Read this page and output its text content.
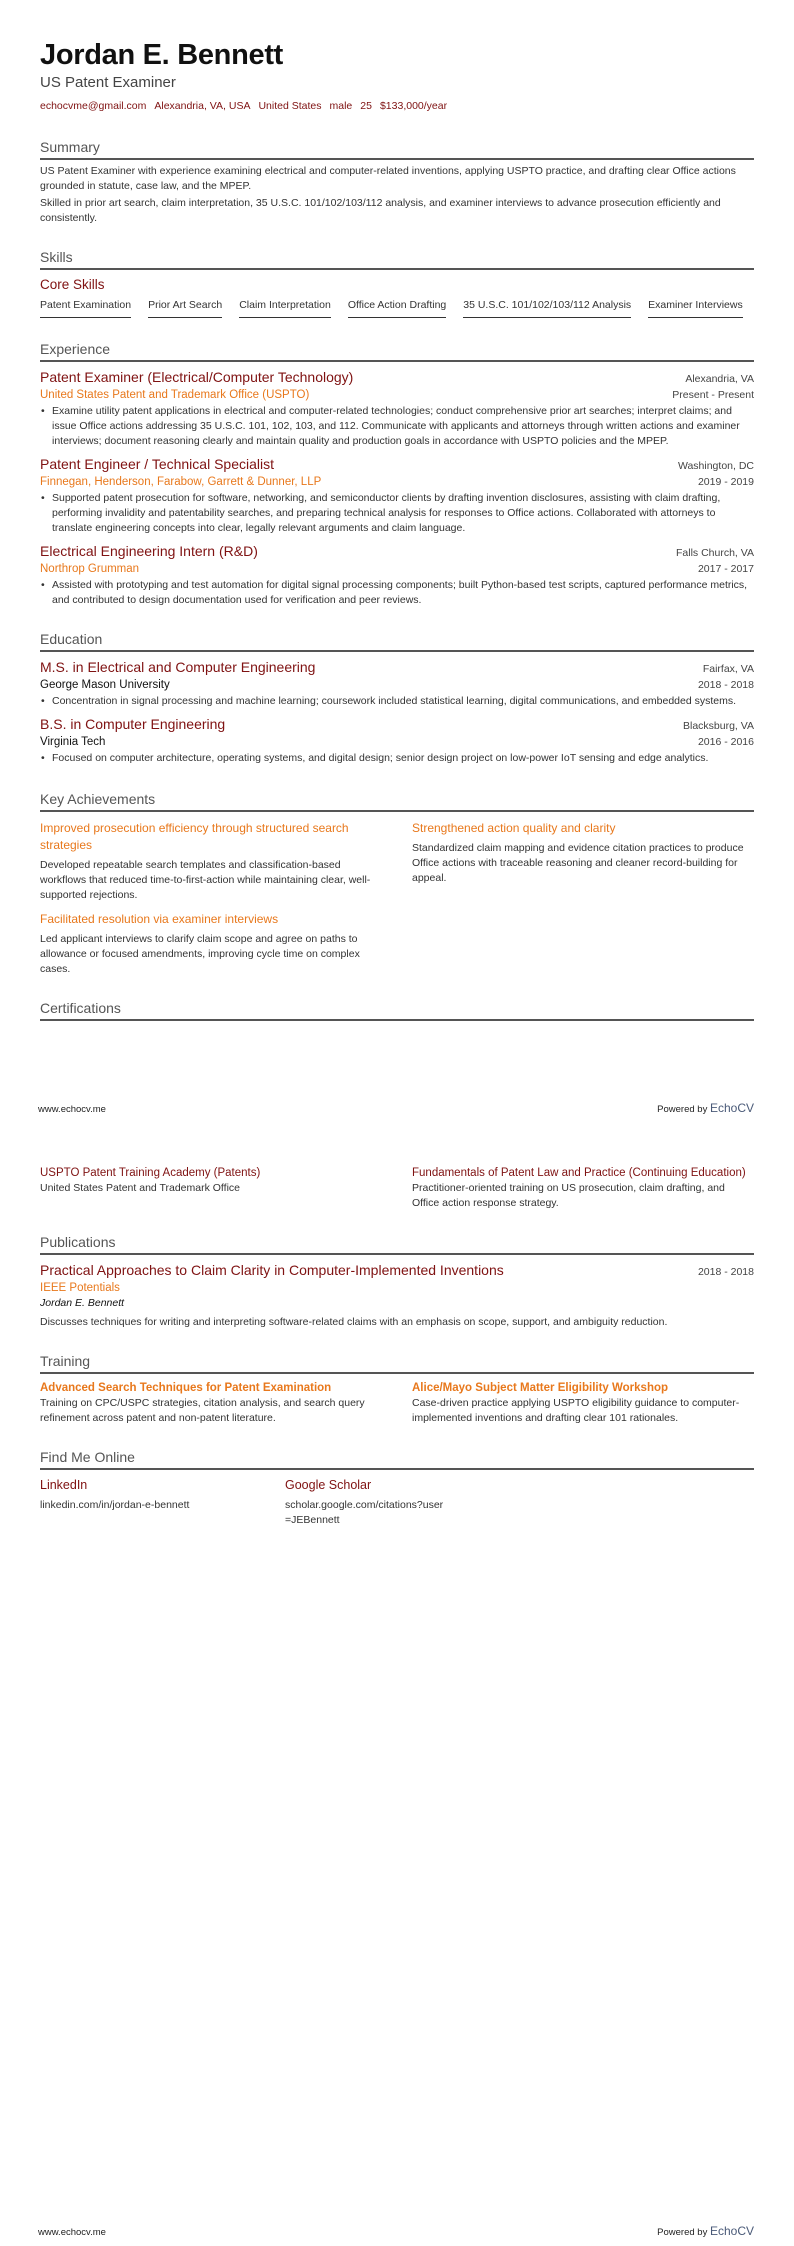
Jordan E. Bennett
US Patent Examiner
echocvme@gmail.com Alexandria, VA, USA United States male 25 $133,000/year
Summary

US Patent Examiner with experience examining electrical and computer-related inventions, applying USPTO practice, and drafting clear Office actions grounded in statute, case law, and the MPEP.

Skilled in prior art search, claim interpretation, 35 U.S.C. 101/102/103/112 analysis, and examiner interviews to advance prosecution efficiently and consistently.

Skills
Core Skills
Patent Examination Prior Art Search Claim Interpretation Office Action Drafting 35 U.S.C. 101/102/103/112 Analysis Examiner Interviews
Experience
Patent Examiner (Electrical/Computer Technology)	Alexandria, VA
United States Patent and Trademark Office (USPTO)	Present - Present
• Examine utility patent applications in electrical and computer-related technologies; conduct comprehensive prior art searches; interpret claims; and issue Office actions addressing 35 U.S.C. 101, 102, 103, and 112. Communicate with applicants and attorneys through written actions and examiner interviews; document reasoning clearly and maintain quality and production goals in accordance with USPTO policies and the MPEP.
Patent Engineer / Technical Specialist	Washington, DC
Finnegan, Henderson, Farabow, Garrett & Dunner, LLP	2019 - 2019
• Supported patent prosecution for software, networking, and semiconductor clients by drafting invention disclosures, assisting with claim drafting, performing invalidity and patentability searches, and preparing technical analysis for responses to Office actions. Collaborated with attorneys to translate engineering concepts into clear, legally relevant arguments and claim language.
Electrical Engineering Intern (R&D)	Falls Church, VA
Northrop Grumman	2017 - 2017
• Assisted with prototyping and test automation for digital signal processing components; built Python-based test scripts, captured performance metrics, and contributed to design documentation used for verification and peer reviews.
Education
M.S. in Electrical and Computer Engineering	Fairfax, VA
George Mason University	2018 - 2018
• Concentration in signal processing and machine learning; coursework included statistical learning, digital communications, and embedded systems.
B.S. in Computer Engineering	Blacksburg, VA
Virginia Tech	2016 - 2016
• Focused on computer architecture, operating systems, and digital design; senior design project on low-power IoT sensing and edge analytics.
Key Achievements
Improved prosecution efficiency through structured search strategies
Developed repeatable search templates and classification-based workflows that reduced time-to-first-action while maintaining clear, well-supported rejections.
Facilitated resolution via examiner interviews
Led applicant interviews to clarify claim scope and agree on paths to allowance or focused amendments, improving cycle time on complex cases.
Strengthened action quality and clarity
Standardized claim mapping and evidence citation practices to produce Office actions with traceable reasoning and cleaner record-building for appeal.
Certifications
www.echocv.me	Powered by EchoCV
USPTO Patent Training Academy (Patents)
United States Patent and Trademark Office
Fundamentals of Patent Law and Practice (Continuing Education)
Practitioner-oriented training on US prosecution, claim drafting, and Office action response strategy.
Publications
Practical Approaches to Claim Clarity in Computer-Implemented Inventions	2018 - 2018
IEEE Potentials
Jordan E. Bennett
Discusses techniques for writing and interpreting software-related claims with an emphasis on scope, support, and ambiguity reduction.
Training
Advanced Search Techniques for Patent Examination
Training on CPC/USPC strategies, citation analysis, and search query refinement across patent and non-patent literature.
Alice/Mayo Subject Matter Eligibility Workshop
Case-driven practice applying USPTO eligibility guidance to computer-implemented inventions and drafting clear 101 rationales.
Find Me Online
LinkedIn
linkedin.com/in/jordan-e-bennett
Google Scholar
scholar.google.com/citations?user=JEBennett
www.echocv.me	Powered by EchoCV
